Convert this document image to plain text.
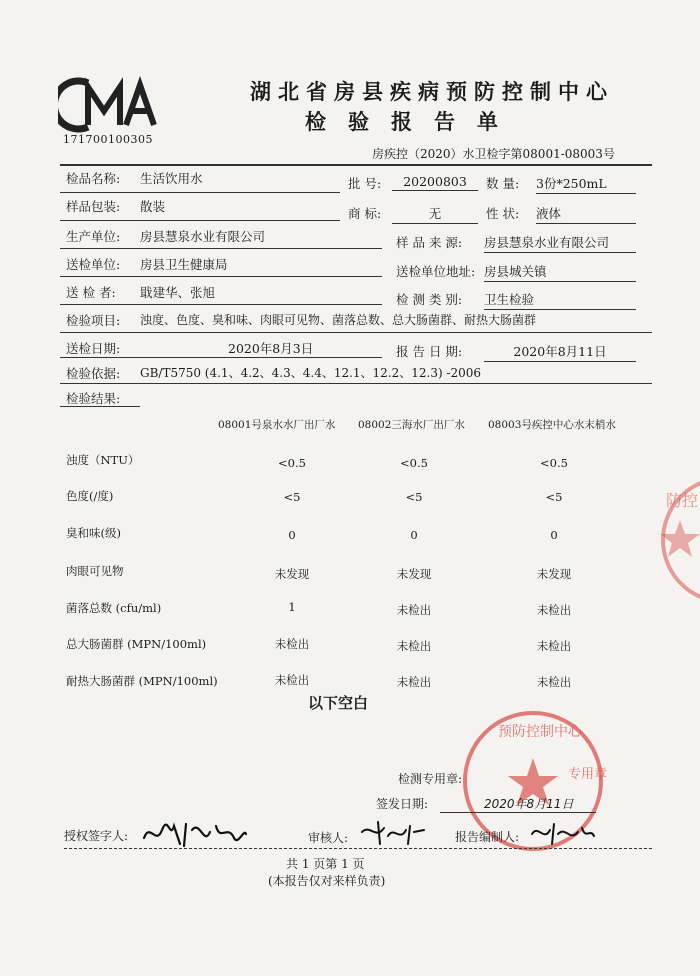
171700100305
湖北省房县疾病预防控制中心
检验报告单
房疾控（2020）水卫检字第08001-08003号
检品名称: 生活饮用水	批 号:	20200803	数 量: 3份*250mL
样品包装: 散装	商 标:	无	性 状: 液体
生产单位: 房县慧泉水业有限公司	样 品 来 源: 房县慧泉水业有限公司
送检单位: 房县卫生健康局	送检单位地址: 房县城关镇
送 检 者: 戢建华、张旭	检 测 类 别: 卫生检验
检验项目: 浊度、色度、臭和味、肉眼可见物、菌落总数、总大肠菌群、耐热大肠菌群
送检日期:	2020年8月3日	报 告 日 期:	2020年8月11日
检验依据: GB/T5750 (4.1、4.2、4.3、4.4、12.1、12.2、12.3) -2006
检验结果:
08001号泉水水厂出厂水 08002三海水厂出厂水 08003号疾控中心水末梢水
浊度（NTU）	<0.5	<0.5	<0.5
色度(/度)	<5	<5	<5
臭和味(级)	0	0	0
肉眼可见物	未发现	未发现	未发现
菌落总数 (cfu/ml)	1	未检出	未检出
总大肠菌群 (MPN/100ml)	未检出	未检出	未检出
耐热大肠菌群 (MPN/100ml)	未检出	未检出	未检出
以下空白
防控
预防控制中心
专用章
检测专用章:
签发日期:	2020年8月11日
授权签字人:	审核人:	报告编制人:
共 1 页第 1 页
(本报告仅对来样负责)
